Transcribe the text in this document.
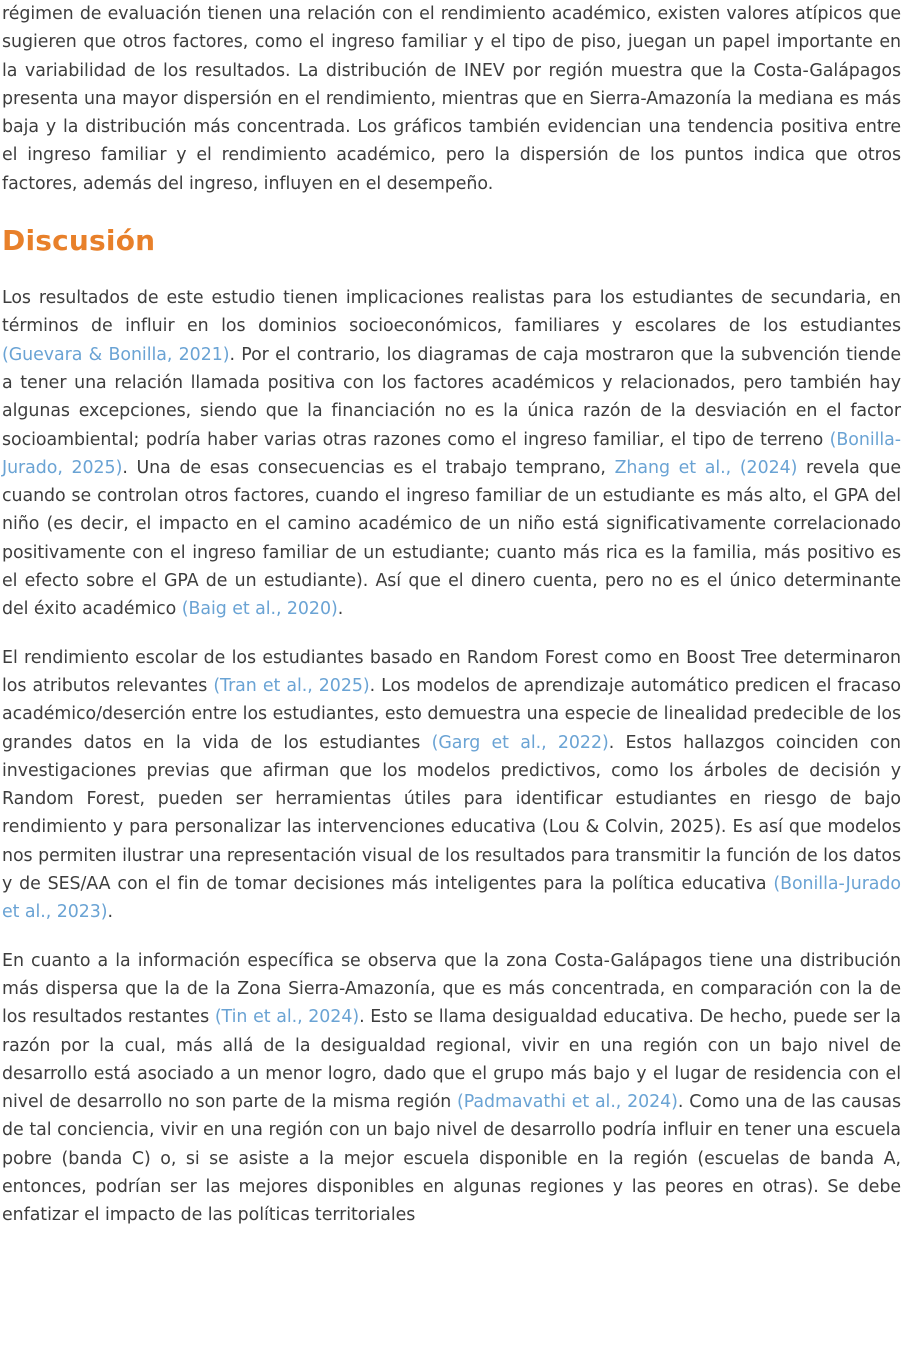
régimen de evaluación tienen una relación con el rendimiento académico, existen valores atípicos que sugieren que otros factores, como el ingreso familiar y el tipo de piso, juegan un papel importante en la variabilidad de los resultados. La distribución de INEV por región muestra que la Costa-Galápagos presenta una mayor dispersión en el rendimiento, mientras que en Sierra-Amazonía la mediana es más baja y la distribución más concentrada. Los gráficos también evidencian una tendencia positiva entre el ingreso familiar y el rendimiento académico, pero la dispersión de los puntos indica que otros factores, además del ingreso, influyen en el desempeño.

Discusión

Los resultados de este estudio tienen implicaciones realistas para los estudiantes de secundaria, en términos de influir en los dominios socioeconómicos, familiares y escolares de los estudiantes (Guevara & Bonilla, 2021). Por el contrario, los diagramas de caja mostraron que la subvención tiende a tener una relación llamada positiva con los factores académicos y relacionados, pero también hay algunas excepciones, siendo que la financiación no es la única razón de la desviación en el factor socioambiental; podría haber varias otras razones como el ingreso familiar, el tipo de terreno (Bonilla-Jurado, 2025). Una de esas consecuencias es el trabajo temprano, Zhang et al., (2024) revela que cuando se controlan otros factores, cuando el ingreso familiar de un estudiante es más alto, el GPA del niño (es decir, el impacto en el camino académico de un niño está significativamente correlacionado positivamente con el ingreso familiar de un estudiante; cuanto más rica es la familia, más positivo es el efecto sobre el GPA de un estudiante). Así que el dinero cuenta, pero no es el único determinante del éxito académico (Baig et al., 2020).

El rendimiento escolar de los estudiantes basado en Random Forest como en Boost Tree determinaron los atributos relevantes (Tran et al., 2025). Los modelos de aprendizaje automático predicen el fracaso académico/deserción entre los estudiantes, esto demuestra una especie de linealidad predecible de los grandes datos en la vida de los estudiantes (Garg et al., 2022). Estos hallazgos coinciden con investigaciones previas que afirman que los modelos predictivos, como los árboles de decisión y Random Forest, pueden ser herramientas útiles para identificar estudiantes en riesgo de bajo rendimiento y para personalizar las intervenciones educativa (Lou & Colvin, 2025). Es así que modelos nos permiten ilustrar una representación visual de los resultados para transmitir la función de los datos y de SES/AA con el fin de tomar decisiones más inteligentes para la política educativa (Bonilla-Jurado et al., 2023).

En cuanto a la información específica se observa que la zona Costa-Galápagos tiene una distribución más dispersa que la de la Zona Sierra-Amazonía, que es más concentrada, en comparación con la de los resultados restantes (Tin et al., 2024). Esto se llama desigualdad educativa. De hecho, puede ser la razón por la cual, más allá de la desigualdad regional, vivir en una región con un bajo nivel de desarrollo está asociado a un menor logro, dado que el grupo más bajo y el lugar de residencia con el nivel de desarrollo no son parte de la misma región (Padmavathi et al., 2024). Como una de las causas de tal conciencia, vivir en una región con un bajo nivel de desarrollo podría influir en tener una escuela pobre (banda C) o, si se asiste a la mejor escuela disponible en la región (escuelas de banda A, entonces, podrían ser las mejores disponibles en algunas regiones y las peores en otras). Se debe enfatizar el impacto de las políticas territoriales
